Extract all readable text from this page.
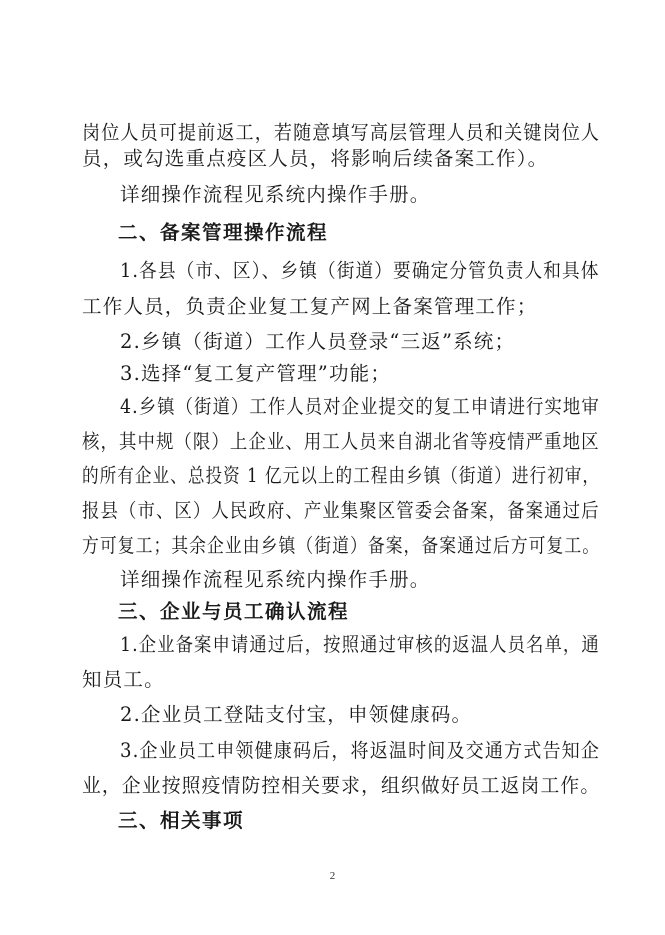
岗位人员可提前返工，若随意填写高层管理人员和关键岗位人
员，或勾选重点疫区人员，将影响后续备案工作）。
详细操作流程见系统内操作手册。
二、备案管理操作流程
1.各县（市、区）、乡镇（街道）要确定分管负责人和具体
工作人员，负责企业复工复产网上备案管理工作；
2.乡镇（街道）工作人员登录“三返”系统；
3.选择“复工复产管理”功能；
4.乡镇（街道）工作人员对企业提交的复工申请进行实地审
核，其中规（限）上企业、用工人员来自湖北省等疫情严重地区
的所有企业、总投资 1 亿元以上的工程由乡镇（街道）进行初审，
报县（市、区）人民政府、产业集聚区管委会备案，备案通过后
方可复工；其余企业由乡镇（街道）备案，备案通过后方可复工。
详细操作流程见系统内操作手册。
三、企业与员工确认流程
1.企业备案申请通过后，按照通过审核的返温人员名单，通
知员工。
2.企业员工登陆支付宝，申领健康码。
3.企业员工申领健康码后，将返温时间及交通方式告知企
业，企业按照疫情防控相关要求，组织做好员工返岗工作。
三、相关事项
2
